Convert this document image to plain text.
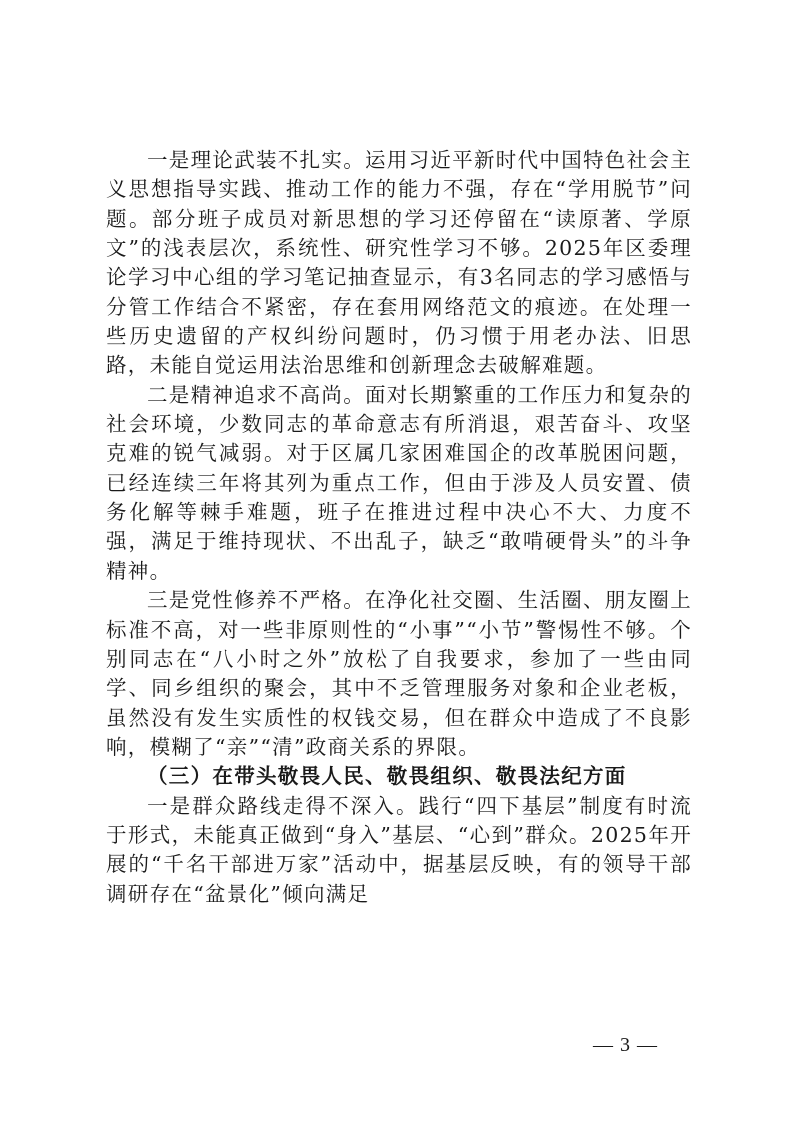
一是理论武装不扎实。运用习近平新时代中国特色社会主义思想指导实践、推动工作的能力不强，存在“学用脱节”问题。部分班子成员对新思想的学习还停留在“读原著、学原文”的浅表层次，系统性、研究性学习不够。2025年区委理论学习中心组的学习笔记抽查显示，有3名同志的学习感悟与分管工作结合不紧密，存在套用网络范文的痕迹。在处理一些历史遗留的产权纠纷问题时，仍习惯于用老办法、旧思路，未能自觉运用法治思维和创新理念去破解难题。

二是精神追求不高尚。面对长期繁重的工作压力和复杂的社会环境，少数同志的革命意志有所消退，艰苦奋斗、攻坚克难的锐气减弱。对于区属几家困难国企的改革脱困问题，已经连续三年将其列为重点工作，但由于涉及人员安置、债务化解等棘手难题，班子在推进过程中决心不大、力度不强，满足于维持现状、不出乱子，缺乏“敢啃硬骨头”的斗争精神。

三是党性修养不严格。在净化社交圈、生活圈、朋友圈上标准不高，对一些非原则性的“小事”“小节”警惕性不够。个别同志在“八小时之外”放松了自我要求，参加了一些由同学、同乡组织的聚会，其中不乏管理服务对象和企业老板，虽然没有发生实质性的权钱交易，但在群众中造成了不良影响，模糊了“亲”“清”政商关系的界限。

（三）在带头敬畏人民、敬畏组织、敬畏法纪方面

一是群众路线走得不深入。践行“四下基层”制度有时流于形式，未能真正做到“身入”基层、“心到”群众。2025年开展的“千名干部进万家”活动中，据基层反映，有的领导干部调研存在“盆景化”倾向满足

— 3 —
